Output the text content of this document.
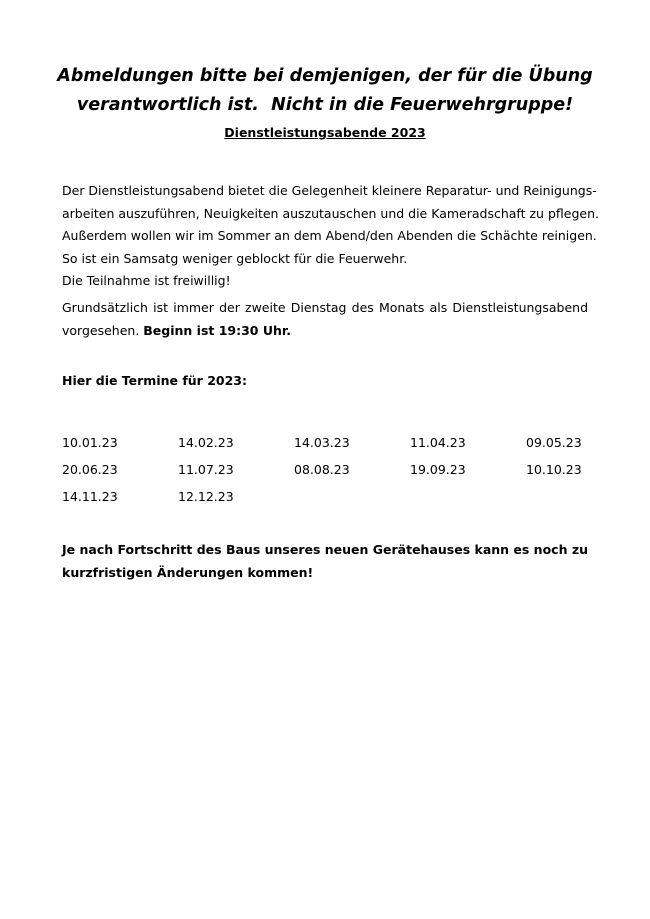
Abmeldungen bitte bei demjenigen, der für die Übung
verantwortlich ist.  Nicht in die Feuerwehrgruppe!
Dienstleistungsabende 2023
Der Dienstleistungsabend bietet die Gelegenheit kleinere Reparatur- und Reinigungs-
arbeiten auszuführen, Neuigkeiten auszutauschen und die Kameradschaft zu pflegen.
Außerdem wollen wir im Sommer an dem Abend/den Abenden die Schächte reinigen.
So ist ein Samsatg weniger geblockt für die Feuerwehr.
Die Teilnahme ist freiwillig!
Grundsätzlich ist immer der zweite Dienstag des Monats als Dienstleistungsabend
vorgesehen. Beginn ist 19:30 Uhr.
Hier die Termine für 2023:
10.01.23	14.02.23	14.03.23	11.04.23	09.05.23
20.06.23	11.07.23	08.08.23	19.09.23	10.10.23
14.11.23	12.12.23
Je nach Fortschritt des Baus unseres neuen Gerätehauses kann es noch zu
kurzfristigen Änderungen kommen!
